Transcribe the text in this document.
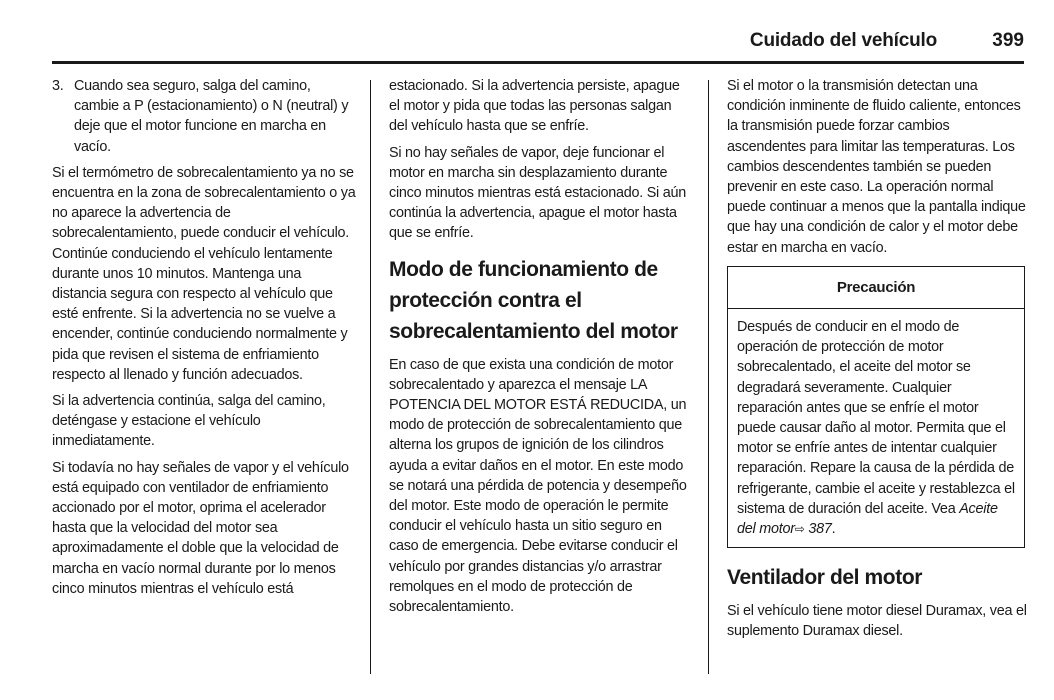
Cuidado del vehículo	399
3. Cuando sea seguro, salga del camino, cambie a P (estacionamiento) o N (neutral) y deje que el motor funcione en marcha en vacío.

Si el termómetro de sobrecalentamiento ya no se encuentra en la zona de sobrecalentamiento o ya no aparece la advertencia de sobrecalentamiento, puede conducir el vehículo. Continúe conduciendo el vehículo lentamente durante unos 10 minutos. Mantenga una distancia segura con respecto al vehículo que esté enfrente. Si la advertencia no se vuelve a encender, continúe conduciendo normalmente y pida que revisen el sistema de enfriamiento respecto al llenado y función adecuados.

Si la advertencia continúa, salga del camino, deténgase y estacione el vehículo inmediatamente.

Si todavía no hay señales de vapor y el vehículo está equipado con ventilador de enfriamiento accionado por el motor, oprima el acelerador hasta que la velocidad del motor sea aproximadamente el doble que la velocidad de marcha en vacío normal durante por lo menos cinco minutos mientras el vehículo está

estacionado. Si la advertencia persiste, apague el motor y pida que todas las personas salgan del vehículo hasta que se enfríe.

Si no hay señales de vapor, deje funcionar el motor en marcha sin desplazamiento durante cinco minutos mientras está estacionado. Si aún continúa la advertencia, apague el motor hasta que se enfríe.

Modo de funcionamiento de protección contra el sobrecalentamiento del motor

En caso de que exista una condición de motor sobrecalentado y aparezca el mensaje LA POTENCIA DEL MOTOR ESTÁ REDUCIDA, un modo de protección de sobrecalentamiento que alterna los grupos de ignición de los cilindros ayuda a evitar daños en el motor. En este modo se notará una pérdida de potencia y desempeño del motor. Este modo de operación le permite conducir el vehículo hasta un sitio seguro en caso de emergencia. Debe evitarse conducir el vehículo por grandes distancias y/o arrastrar remolques en el modo de protección de sobrecalentamiento.

Si el motor o la transmisión detectan una condición inminente de fluido caliente, entonces la transmisión puede forzar cambios ascendentes para limitar las temperaturas. Los cambios descendentes también se pueden prevenir en este caso. La operación normal puede continuar a menos que la pantalla indique que hay una condición de calor y el motor debe estar en marcha en vacío.

Precaución
Después de conducir en el modo de operación de protección de motor sobrecalentado, el aceite del motor se degradará severamente. Cualquier reparación antes que se enfríe el motor puede causar daño al motor. Permita que el motor se enfríe antes de intentar cualquier reparación. Repare la causa de la pérdida de refrigerante, cambie el aceite y restablezca el sistema de duración del aceite. Vea Aceite del motor⇨ 387.
Ventilador del motor

Si el vehículo tiene motor diesel Duramax, vea el suplemento Duramax diesel.
